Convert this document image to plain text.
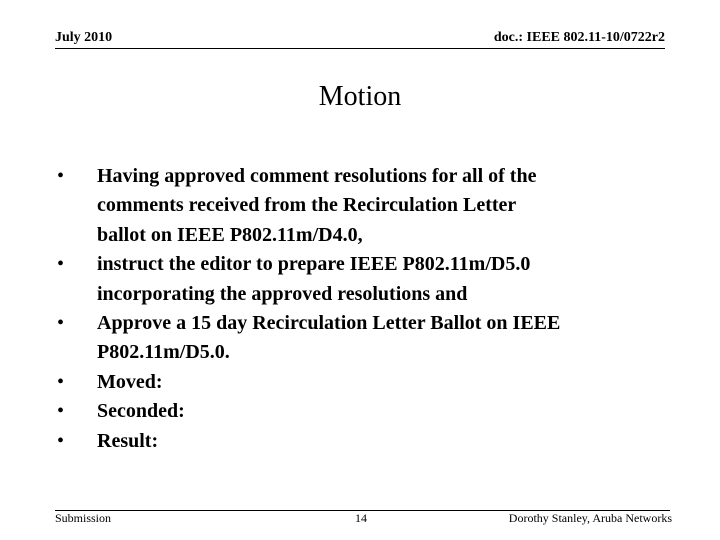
July 2010	doc.: IEEE 802.11-10/0722r2
Motion
•	Having approved comment resolutions for all of the
comments received from the Recirculation Letter
ballot on IEEE P802.11m/D4.0,
•	instruct the editor to prepare IEEE P802.11m/D5.0
incorporating the approved resolutions and
•	Approve a 15 day Recirculation Letter Ballot on IEEE
P802.11m/D5.0.
•	Moved:
•	Seconded:
•	Result:
Submission	14	Dorothy Stanley, Aruba Networks
